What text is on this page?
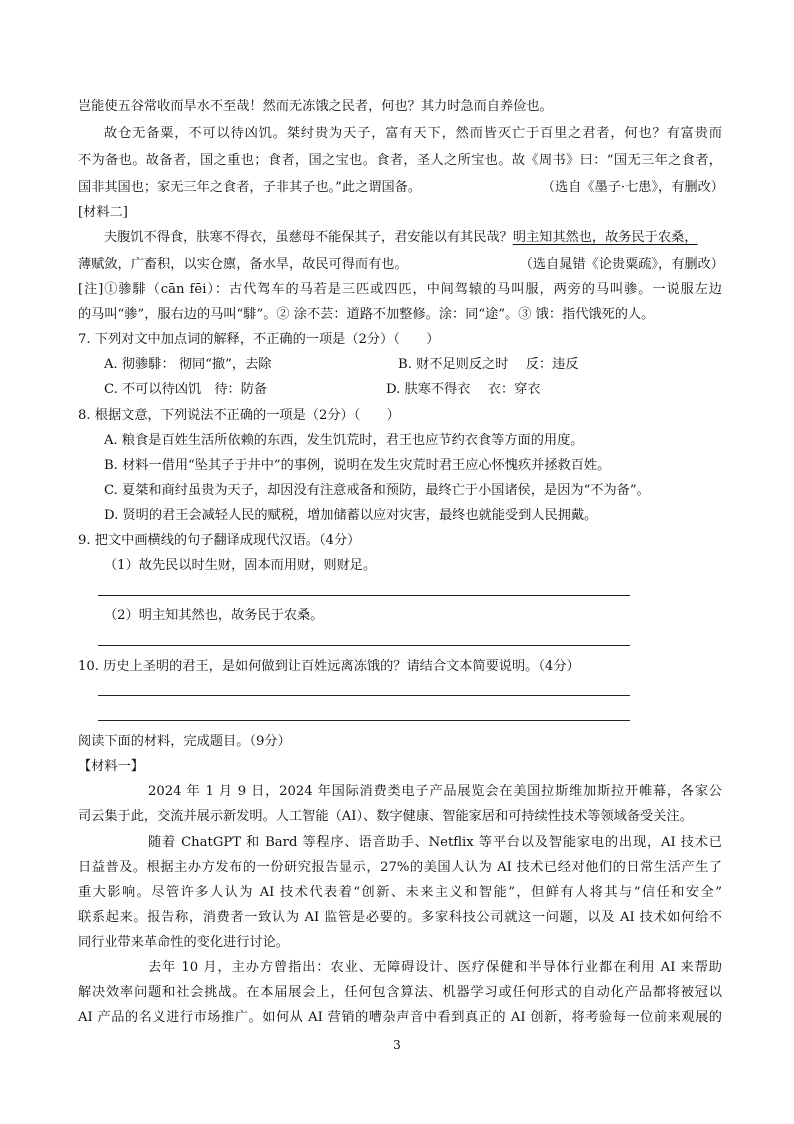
岂能使五谷常收而旱水不至哉！然而无冻饿之民者，何也？其力时急而自养俭也。
故仓无备粟，不可以待凶饥。桀纣贵为天子，富有天下，然而皆灭亡于百里之君者，何也？有富贵而
不为备也。故备者，国之重也；食者，国之宝也。食者，圣人之所宝也。故《周书》曰：“国无三年之食者，
国非其国也；家无三年之食者，子非其子也。”此之谓国备。	（选自《墨子·七患》，有删改）
[材料二]
夫腹饥不得食，肤寒不得衣，虽慈母不能保其子，君安能以有其民哉？明主知其然也，故务民于农桑，
薄赋敛，广畜积，以实仓廪，备水旱，故民可得而有也。	（选自晁错《论贵粟疏》，有删改）
[注]①骖騑（cān fēi）：古代驾车的马若是三匹或四匹，中间驾辕的马叫服，两旁的马叫骖。一说服左边
的马叫“骖”，服右边的马叫“騑”。② 涂不芸：道路不加整修。涂：同“途”。③ 饿：指代饿死的人。
7. 下列对文中加点词的解释，不正确的一项是（2分）（　　）
A. 彻骖騑： 彻同“撤”，去除	B. 财不足则反之时　 反：违反
C. 不可以待凶饥　待：防备	D. 肤寒不得衣　 衣：穿衣
8. 根据文意，下列说法不正确的一项是（2分）（　　）
A. 粮食是百姓生活所依赖的东西，发生饥荒时，君王也应节约衣食等方面的用度。
B. 材料一借用“坠其子于井中”的事例，说明在发生灾荒时君王应心怀愧疚并拯救百姓。
C. 夏桀和商纣虽贵为天子，却因没有注意戒备和预防，最终亡于小国诸侯，是因为“不为备”。
D. 贤明的君王会减轻人民的赋税，增加储蓄以应对灾害，最终也就能受到人民拥戴。
9. 把文中画横线的句子翻译成现代汉语。（4分）
（1）故先民以时生财，固本而用财，则财足。
（2）明主知其然也，故务民于农桑。
10. 历史上圣明的君王，是如何做到让百姓远离冻饿的？请结合文本简要说明。（4分）
阅读下面的材料，完成题目。（9分）
【材料一】
2024 年 1 月 9 日，2024 年国际消费类电子产品展览会在美国拉斯维加斯拉开帷幕，各家公
司云集于此，交流并展示新发明。人工智能（AI）、数字健康、智能家居和可持续性技术等领域备受关注。
随着 ChatGPT 和 Bard 等程序、语音助手、Netflix 等平台以及智能家电的出现，AI 技术已
日益普及。根据主办方发布的一份研究报告显示，27%的美国人认为 AI 技术已经对他们的日常生活产生了
重大影响。尽管许多人认为 AI 技术代表着“创新、未来主义和智能”，但鲜有人将其与“信任和安全”
联系起来。报告称，消费者一致认为 AI 监管是必要的。多家科技公司就这一问题，以及 AI 技术如何给不
同行业带来革命性的变化进行讨论。
去年 10 月，主办方曾指出：农业、无障碍设计、医疗保健和半导体行业都在利用 AI 来帮助
解决效率问题和社会挑战。在本届展会上，任何包含算法、机器学习或任何形式的自动化产品都将被冠以
AI 产品的名义进行市场推广。如何从 AI 营销的嘈杂声音中看到真正的 AI 创新，将考验每一位前来观展的
3
